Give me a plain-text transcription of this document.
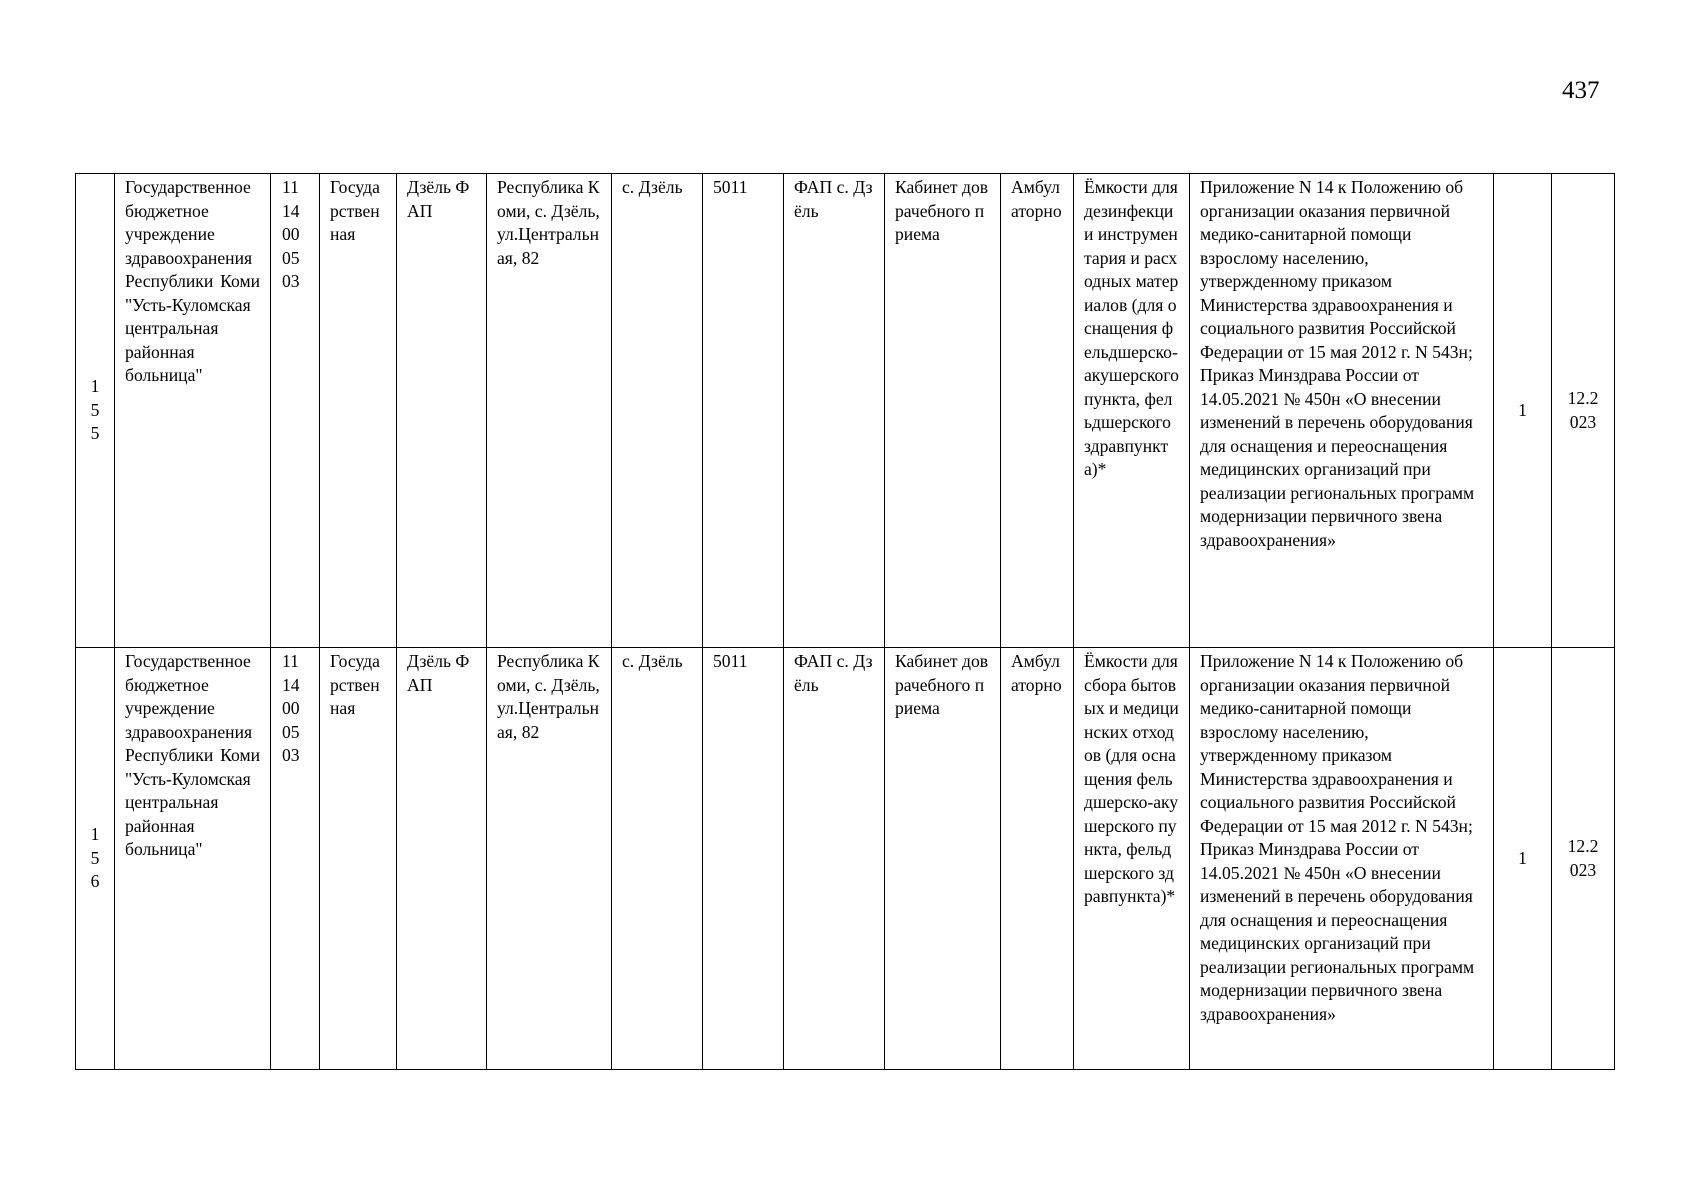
437
155	Государственное бюджетное учреждение здравоохранения Республики Коми "Усть-Куломская центральная районная больница"	1114000503	Государственная	Дзёль ФАП	Республика Коми, с. Дзёль, ул.Центральная, 82	с. Дзёль	5011	ФАП с. Дзёль	Кабинет доврачебного приема	Амбулаторно	Ёмкости для дезинфекции инструментария и расходных материалов (для оснащения фельдшерско-акушерского пункта, фельдшерского здравпункта)*	Приложение N 14 к Положению об организации оказания первичной медико-санитарной помощи взрослому населению, утвержденному приказом Министерства здравоохранения и социального развития Российской Федерации от 15 мая 2012 г. N 543н; Приказ Минздрава России от 14.05.2021 № 450н «О внесении изменений в перечень оборудования для оснащения и переоснащения медицинских организаций при реализации региональных программ модернизации первичного звена здравоохранения»	1	12.2023
156	Государственное бюджетное учреждение здравоохранения Республики Коми "Усть-Куломская центральная районная больница"	1114000503	Государственная	Дзёль ФАП	Республика Коми, с. Дзёль, ул.Центральная, 82	с. Дзёль	5011	ФАП с. Дзёль	Кабинет доврачебного приема	Амбулаторно	Ёмкости для сбора бытовых и медицинских отходов (для оснащения фельдшерско-акушерского пункта, фельдшерского здравпункта)*	Приложение N 14 к Положению об организации оказания первичной медико-санитарной помощи взрослому населению, утвержденному приказом Министерства здравоохранения и социального развития Российской Федерации от 15 мая 2012 г. N 543н; Приказ Минздрава России от 14.05.2021 № 450н «О внесении изменений в перечень оборудования для оснащения и переоснащения медицинских организаций при реализации региональных программ модернизации первичного звена здравоохранения»	1	12.2023
